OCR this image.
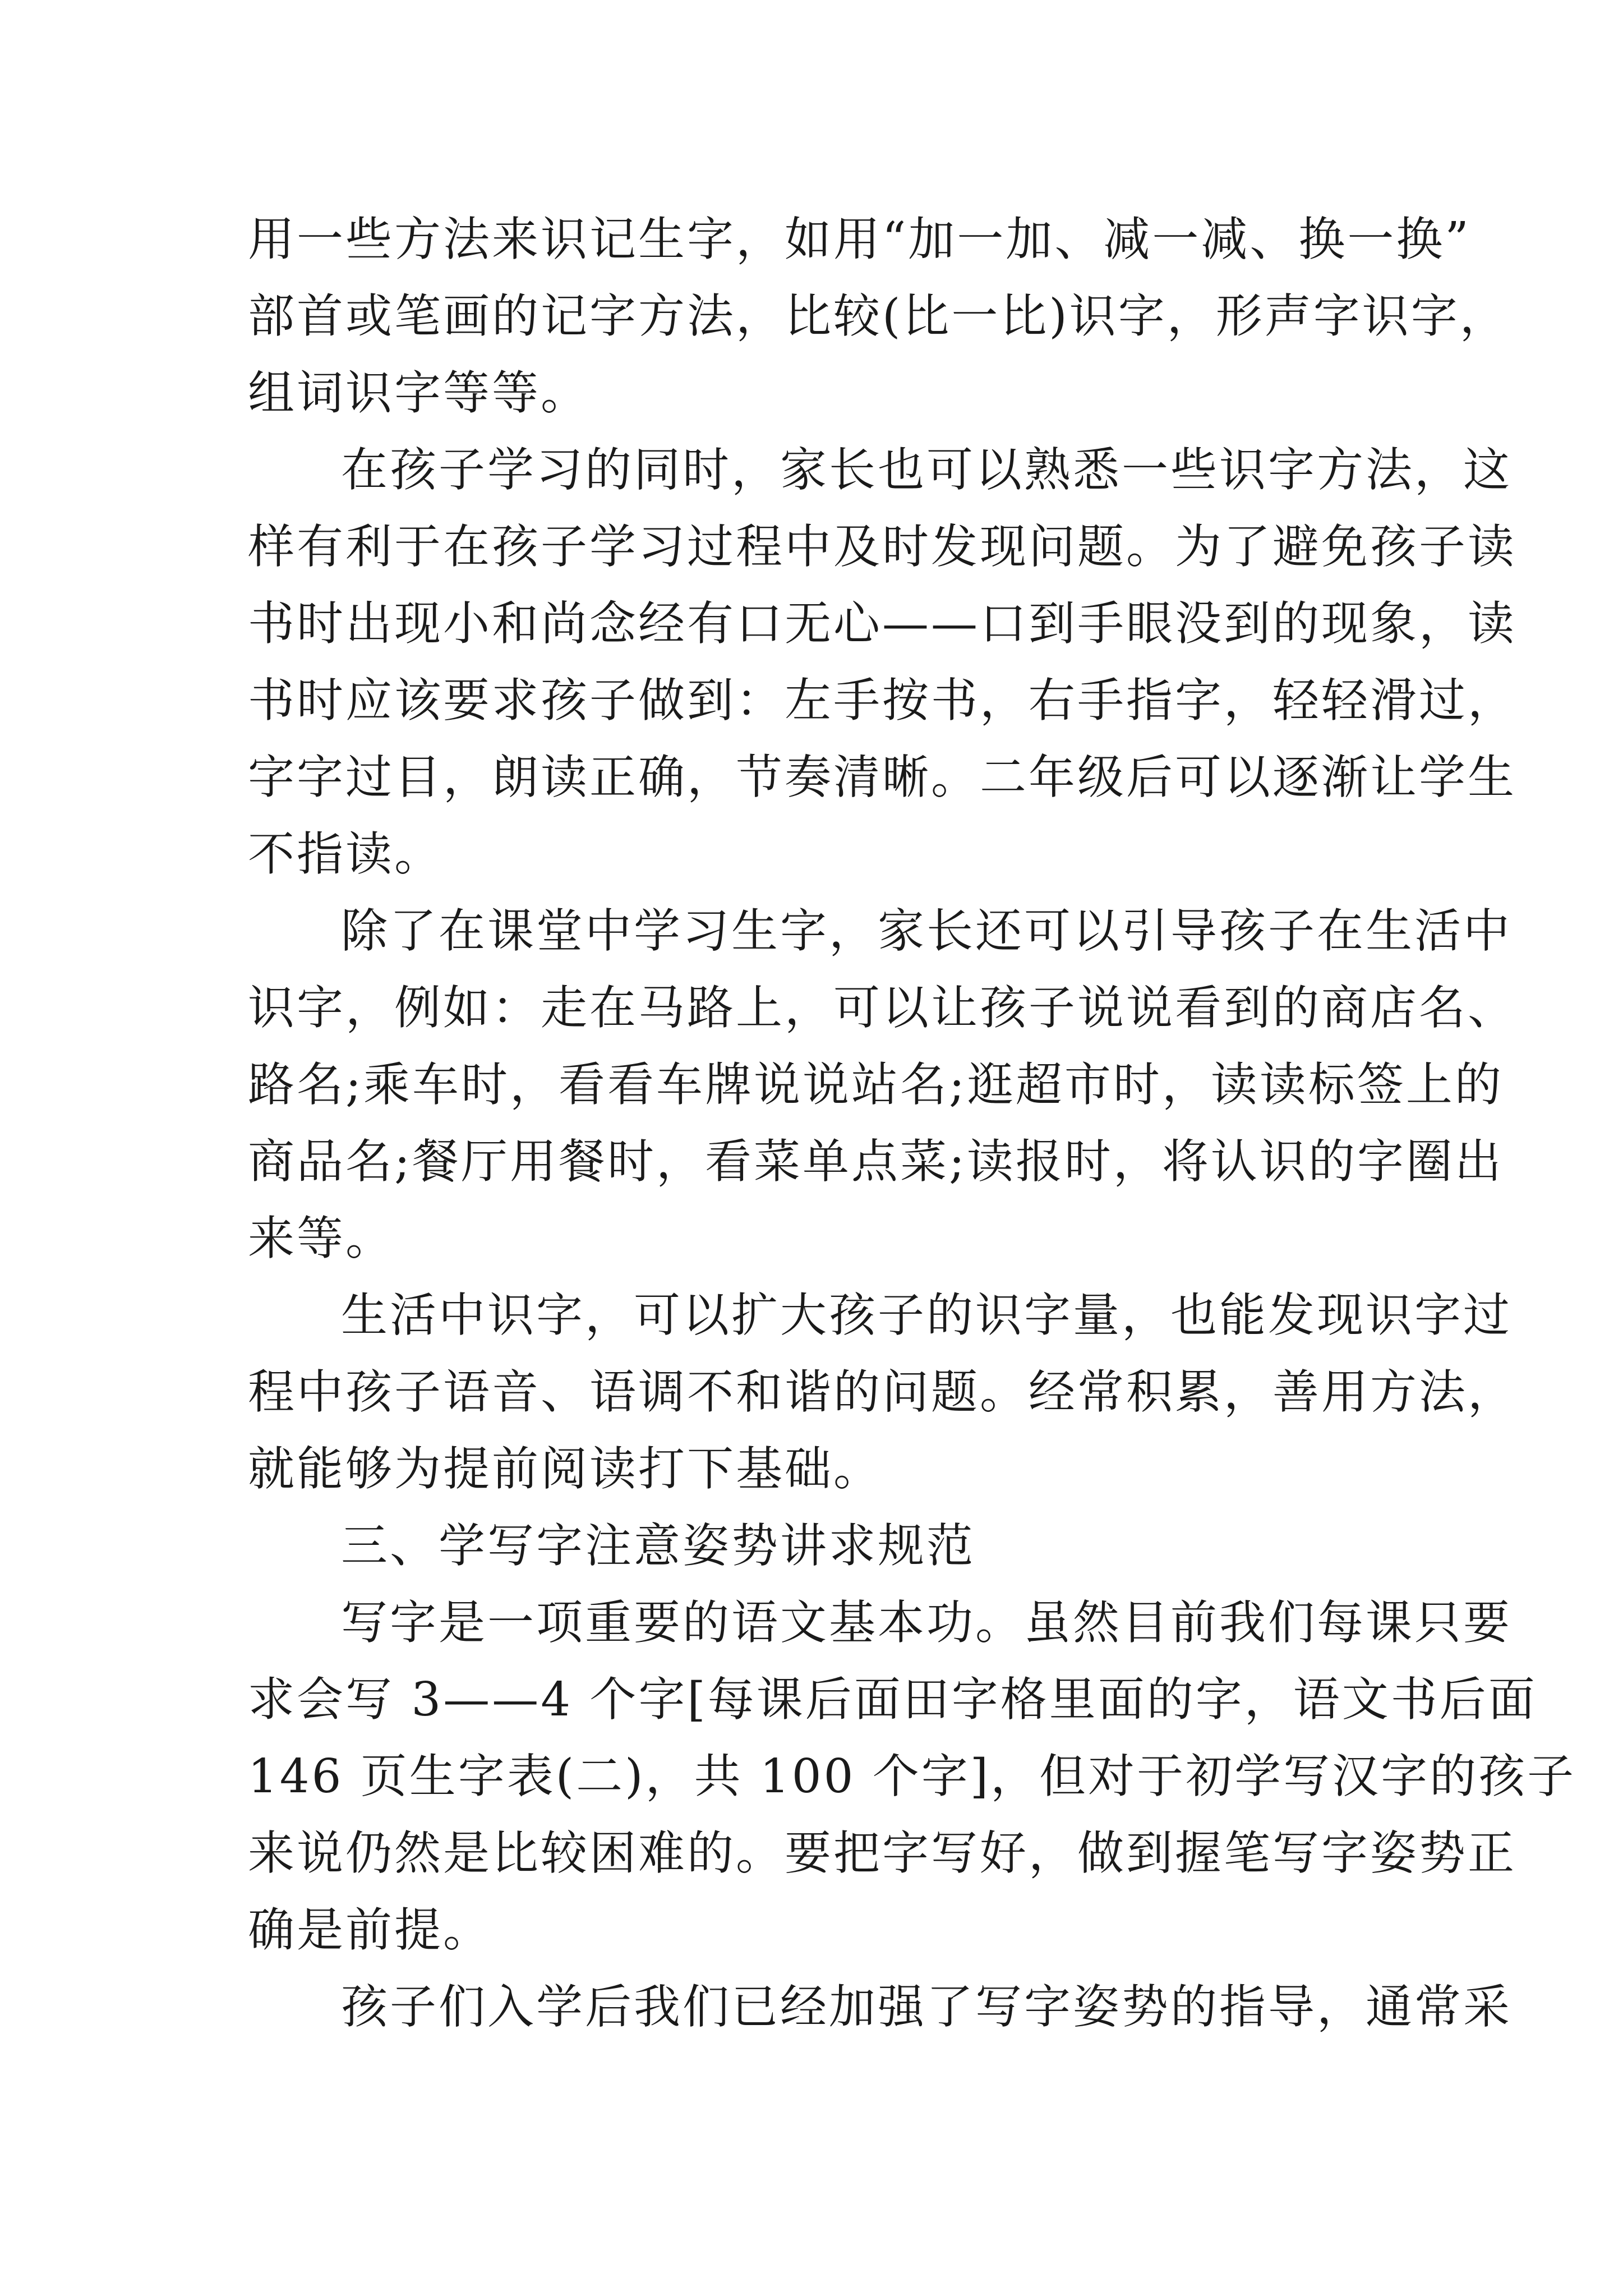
用一些方法来识记生字，如用“加一加、减一减、换一换”
部首或笔画的记字方法，比较(比一比)识字，形声字识字，
组词识字等等。
在孩子学习的同时，家长也可以熟悉一些识字方法，这
样有利于在孩子学习过程中及时发现问题。为了避免孩子读
书时出现小和尚念经有口无心——口到手眼没到的现象，读
书时应该要求孩子做到：左手按书，右手指字，轻轻滑过，
字字过目，朗读正确，节奏清晰。二年级后可以逐渐让学生
不指读。
除了在课堂中学习生字，家长还可以引导孩子在生活中
识字，例如：走在马路上，可以让孩子说说看到的商店名、
路名;乘车时，看看车牌说说站名;逛超市时，读读标签上的
商品名;餐厅用餐时，看菜单点菜;读报时，将认识的字圈出
来等。
生活中识字，可以扩大孩子的识字量，也能发现识字过
程中孩子语音、语调不和谐的问题。经常积累，善用方法，
就能够为提前阅读打下基础。
三、学写字注意姿势讲求规范
写字是一项重要的语文基本功。虽然目前我们每课只要
求会写 3——4 个字[每课后面田字格里面的字，语文书后面
146 页生字表(二)，共 100 个字]，但对于初学写汉字的孩子
来说仍然是比较困难的。要把字写好，做到握笔写字姿势正
确是前提。
孩子们入学后我们已经加强了写字姿势的指导，通常采
